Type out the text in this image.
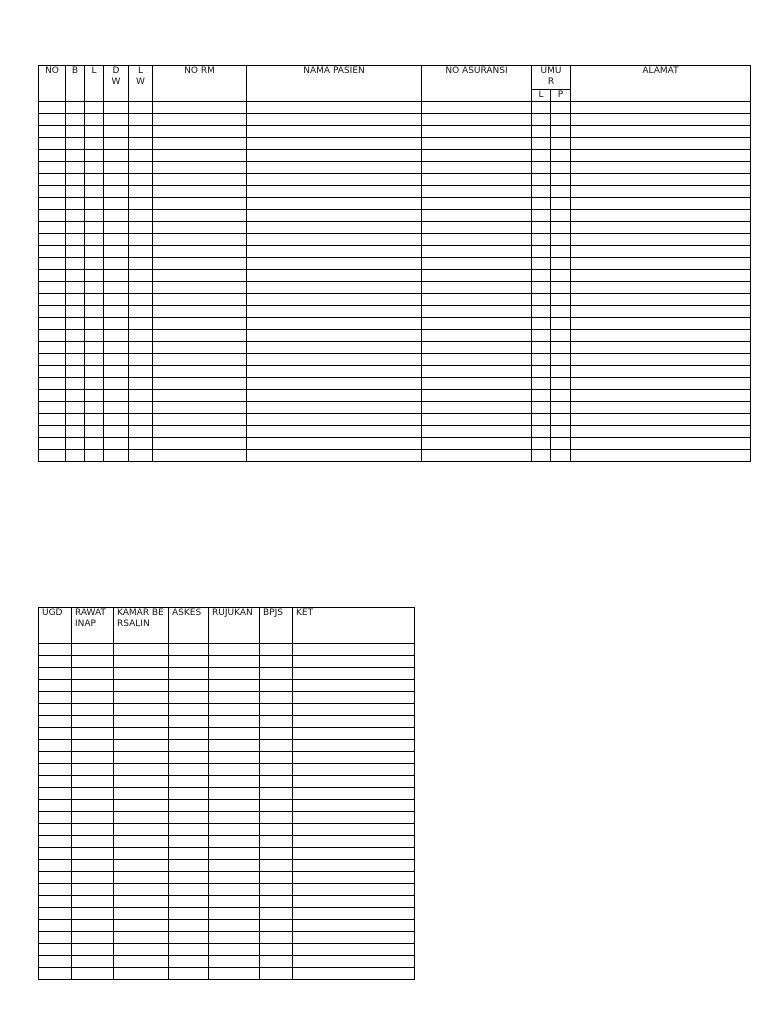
NO	B	L	D W	L W	NO RM	NAMA PASIEN	NO ASURANSI	UMUR		ALAMAT
								L	P	

UGD	RAWAT INAP	KAMAR BERSALIN	ASKES	RUJUKAN	BPJS	KET
